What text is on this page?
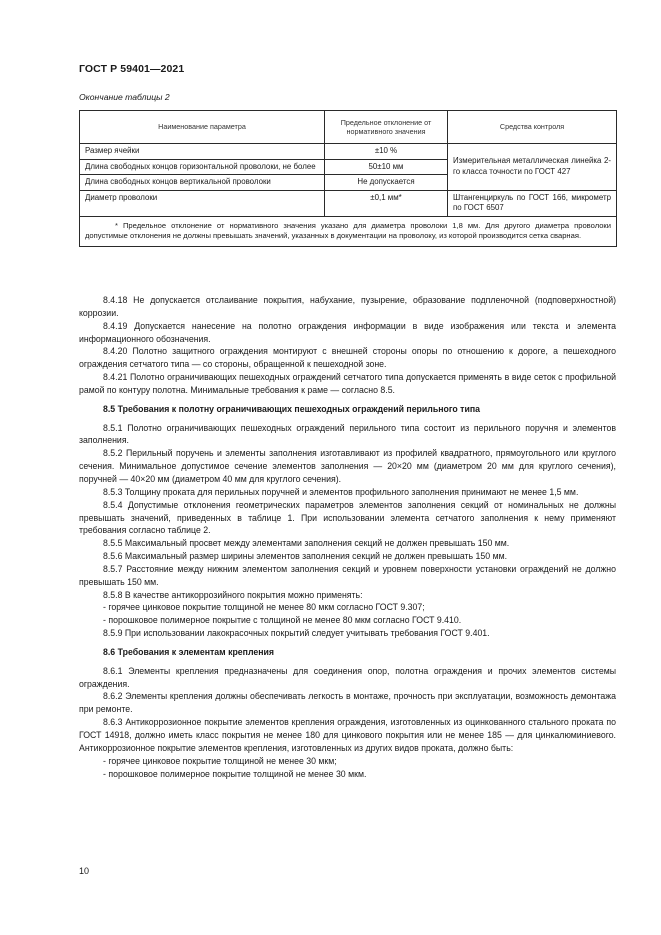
ГОСТ Р 59401—2021
Окончание таблицы 2
Наименование параметра	Предельное отклонение от нормативного значения	Средства контроля
Размер ячейки	±10 %	Измерительная металлическая линейка 2-го класса точности по ГОСТ 427
Длина свободных концов горизонтальной проволоки, не более	50±10 мм	
Длина свободных концов вертикальной проволоки	Не допускается	
Диаметр проволоки	±0,1 мм*	Штангенциркуль по ГОСТ 166, микрометр по ГОСТ 6507
* Предельное отклонение от нормативного значения указано для диаметра проволоки 1,8 мм. Для другого диаметра проволоки допустимые отклонения не должны превышать значений, указанных в документации на проволоку, из которой производится сетка сварная.		

8.4.18 Не допускается отслаивание покрытия, набухание, пузырение, образование подпленочной (подповерхностной) коррозии.

8.4.19 Допускается нанесение на полотно ограждения информации в виде изображения или текста и элемента информационного обозначения.

8.4.20 Полотно защитного ограждения монтируют с внешней стороны опоры по отношению к дороге, а пешеходного ограждения сетчатого типа — со стороны, обращенной к пешеходной зоне.

8.4.21 Полотно ограничивающих пешеходных ограждений сетчатого типа допускается применять в виде сеток с профильной рамой по контуру полотна. Минимальные требования к раме — согласно 8.5.

8.5 Требования к полотну ограничивающих пешеходных ограждений перильного типа

8.5.1 Полотно ограничивающих пешеходных ограждений перильного типа состоит из перильного поручня и элементов заполнения.

8.5.2 Перильный поручень и элементы заполнения изготавливают из профилей квадратного, прямоугольного или круглого сечения. Минимальное допустимое сечение элементов заполнения — 20×20 мм (диаметром 20 мм для круглого сечения), поручней — 40×20 мм (диаметром 40 мм для круглого сечения).

8.5.3 Толщину проката для перильных поручней и элементов профильного заполнения принимают не менее 1,5 мм.

8.5.4 Допустимые отклонения геометрических параметров элементов заполнения секций от номинальных не должны превышать значений, приведенных в таблице 1. При использовании элемента сетчатого заполнения к нему применяют требования согласно таблице 2.

8.5.5 Максимальный просвет между элементами заполнения секций не должен превышать 150 мм.

8.5.6 Максимальный размер ширины элементов заполнения секций не должен превышать 150 мм.

8.5.7 Расстояние между нижним элементом заполнения секций и уровнем поверхности установки ограждений не должно превышать 150 мм.

8.5.8 В качестве антикоррозийного покрытия можно применять:

- горячее цинковое покрытие толщиной не менее 80 мкм согласно ГОСТ 9.307;

- порошковое полимерное покрытие с толщиной не менее 80 мкм согласно ГОСТ 9.410.

8.5.9 При использовании лакокрасочных покрытий следует учитывать требования ГОСТ 9.401.

8.6 Требования к элементам крепления

8.6.1 Элементы крепления предназначены для соединения опор, полотна ограждения и прочих элементов системы ограждения.

8.6.2 Элементы крепления должны обеспечивать легкость в монтаже, прочность при эксплуатации, возможность демонтажа при ремонте.

8.6.3 Антикоррозионное покрытие элементов крепления ограждения, изготовленных из оцинкованного стального проката по ГОСТ 14918, должно иметь класс покрытия не менее 180 для цинкового покрытия или не менее 185 — для цинкалюминиевого. Антикоррозионное покрытие элементов крепления, изготовленных из других видов проката, должно быть:

- горячее цинковое покрытие толщиной не менее 30 мкм;

- порошковое полимерное покрытие толщиной не менее 30 мкм.

10
